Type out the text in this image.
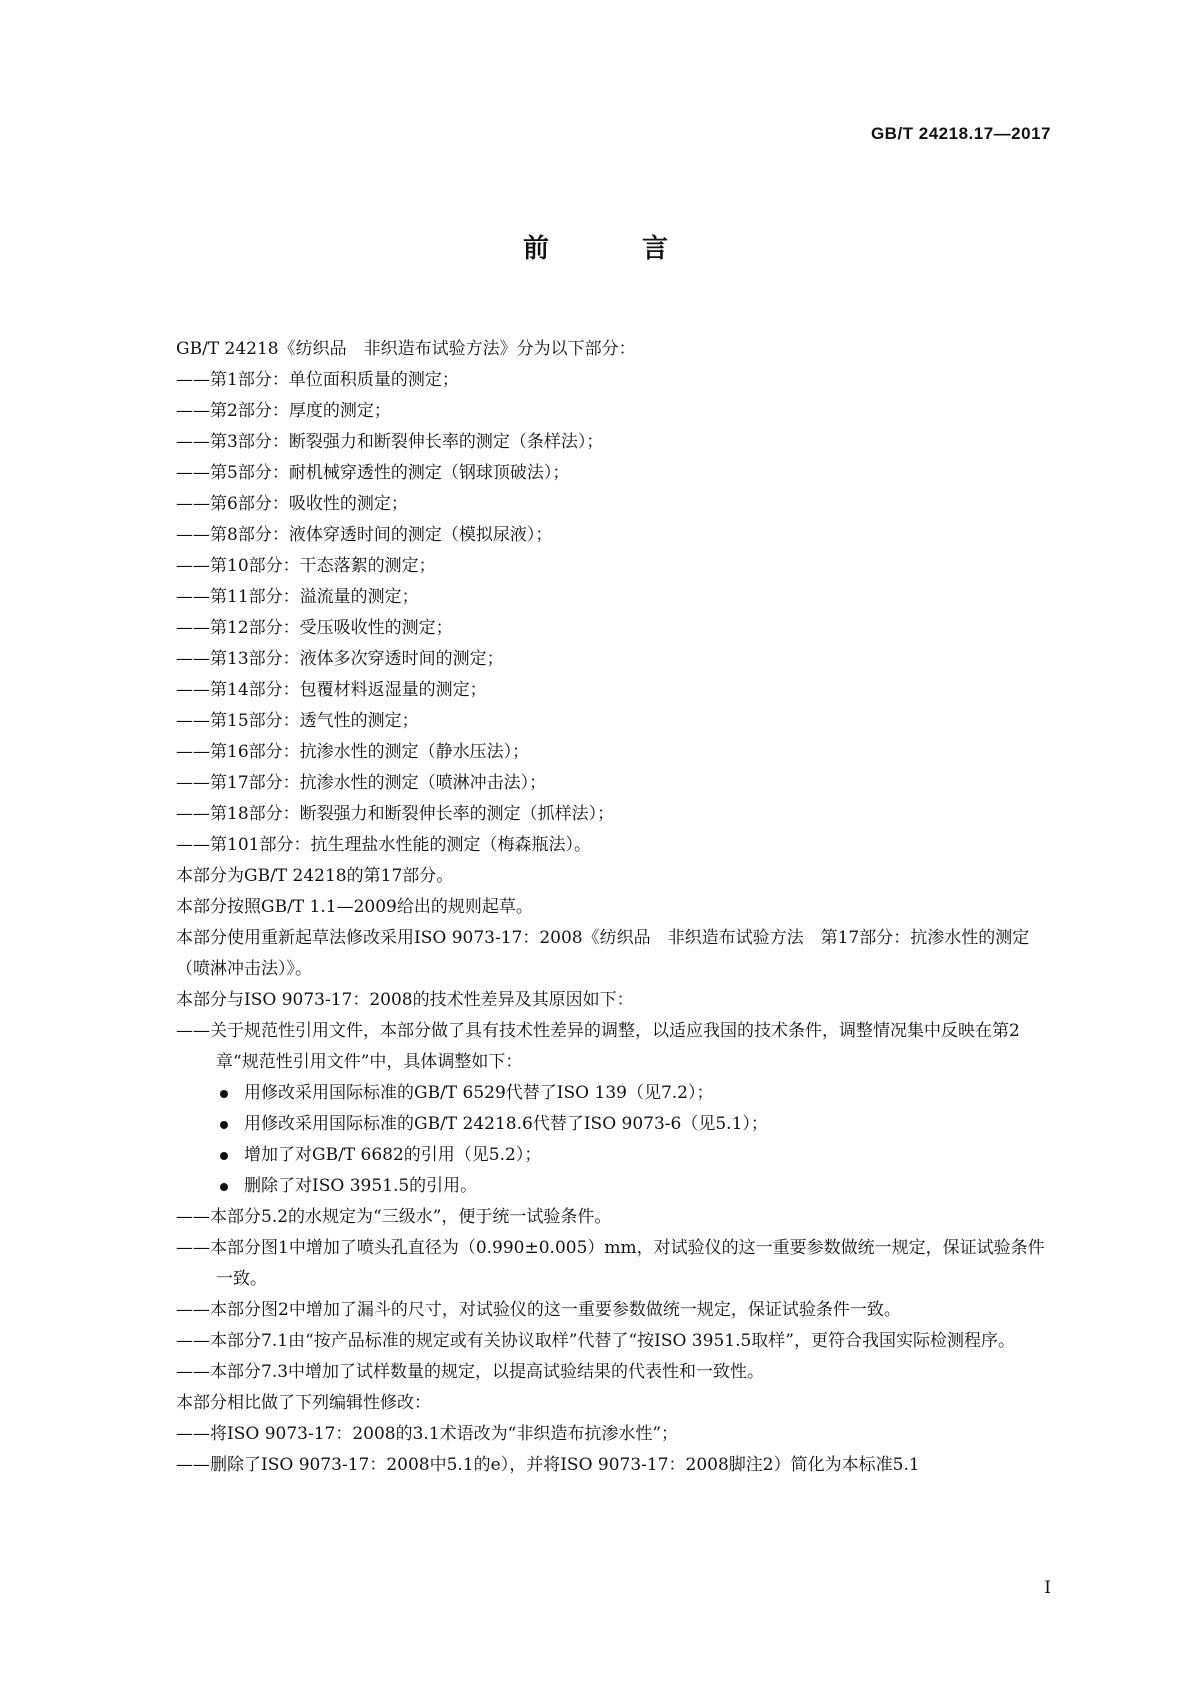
GB/T 24218.17—2017
前 言

GB/T 24218《纺织品　非织造布试验方法》分为以下部分：

——第1部分：单位面积质量的测定；

——第2部分：厚度的测定；

——第3部分：断裂强力和断裂伸长率的测定（条样法）；

——第5部分：耐机械穿透性的测定（钢球顶破法）；

——第6部分：吸收性的测定；

——第8部分：液体穿透时间的测定（模拟尿液）；

——第10部分：干态落絮的测定；

——第11部分：溢流量的测定；

——第12部分：受压吸收性的测定；

——第13部分：液体多次穿透时间的测定；

——第14部分：包覆材料返湿量的测定；

——第15部分：透气性的测定；

——第16部分：抗渗水性的测定（静水压法）；

——第17部分：抗渗水性的测定（喷淋冲击法）；

——第18部分：断裂强力和断裂伸长率的测定（抓样法）；

——第101部分：抗生理盐水性能的测定（梅森瓶法）。

本部分为GB/T 24218的第17部分。

本部分按照GB/T 1.1—2009给出的规则起草。

本部分使用重新起草法修改采用ISO 9073-17：2008《纺织品　非织造布试验方法　第17部分：抗渗水性的测定（喷淋冲击法）》。

本部分与ISO 9073-17：2008的技术性差异及其原因如下：

——关于规范性引用文件，本部分做了具有技术性差异的调整，以适应我国的技术条件，调整情况集中反映在第2章“规范性引用文件”中，具体调整如下：

用修改采用国际标准的GB/T 6529代替了ISO 139（见7.2）；

用修改采用国际标准的GB/T 24218.6代替了ISO 9073-6（见5.1）；

增加了对GB/T 6682的引用（见5.2）；

删除了对ISO 3951.5的引用。

——本部分5.2的水规定为“三级水”，便于统一试验条件。

——本部分图1中增加了喷头孔直径为（0.990±0.005）mm，对试验仪的这一重要参数做统一规定，保证试验条件一致。

——本部分图2中增加了漏斗的尺寸，对试验仪的这一重要参数做统一规定，保证试验条件一致。

——本部分7.1由“按产品标准的规定或有关协议取样”代替了“按ISO 3951.5取样”，更符合我国实际检测程序。

——本部分7.3中增加了试样数量的规定，以提高试验结果的代表性和一致性。

本部分相比做了下列编辑性修改：

——将ISO 9073-17：2008的3.1术语改为“非织造布抗渗水性”；

——删除了ISO 9073-17：2008中5.1的e），并将ISO 9073-17：2008脚注2）简化为本标准5.1

I
